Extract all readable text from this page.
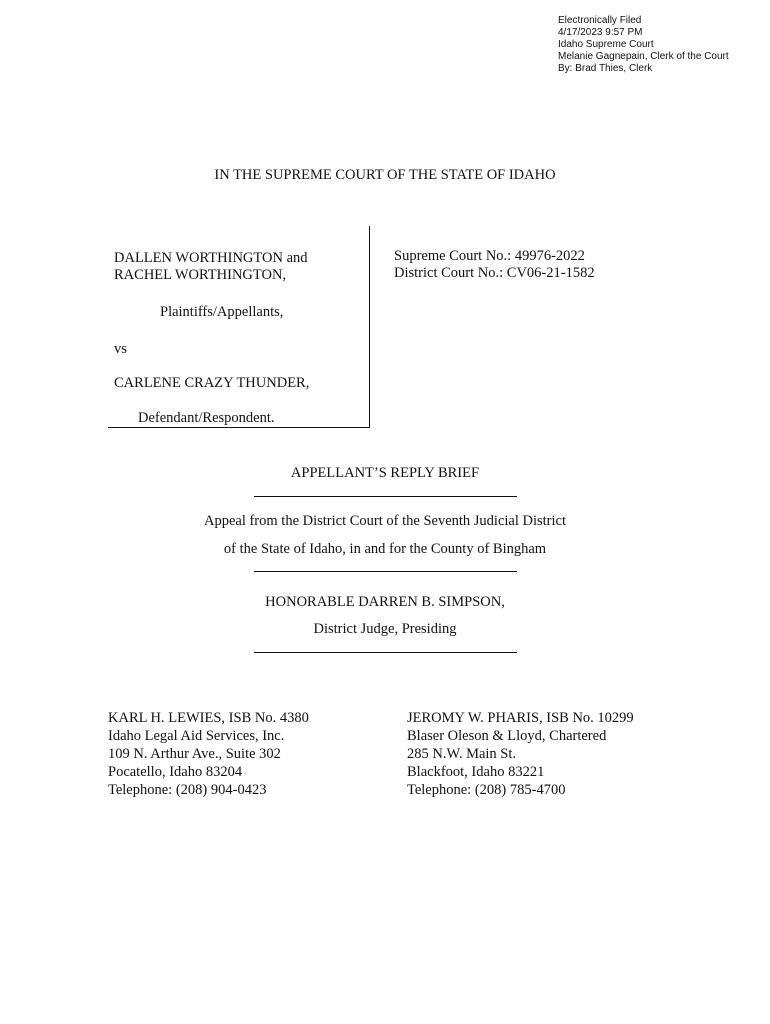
Electronically Filed
4/17/2023 9:57 PM
Idaho Supreme Court
Melanie Gagnepain, Clerk of the Court
By: Brad Thies, Clerk
IN THE SUPREME COURT OF THE STATE OF IDAHO
DALLEN WORTHINGTON and
RACHEL WORTHINGTON,
Plaintiffs/Appellants,
vs
CARLENE CRAZY THUNDER,
Defendant/Respondent.
Supreme Court No.: 49976-2022
District Court No.: CV06-21-1582
APPELLANT’S REPLY BRIEF
Appeal from the District Court of the Seventh Judicial District
of the State of Idaho, in and for the County of Bingham
HONORABLE DARREN B. SIMPSON,
District Judge, Presiding
KARL H. LEWIES, ISB No. 4380
Idaho Legal Aid Services, Inc.
109 N. Arthur Ave., Suite 302
Pocatello, Idaho 83204
Telephone: (208) 904-0423
JEROMY W. PHARIS, ISB No. 10299
Blaser Oleson & Lloyd, Chartered
285 N.W. Main St.
Blackfoot, Idaho 83221
Telephone: (208) 785-4700
